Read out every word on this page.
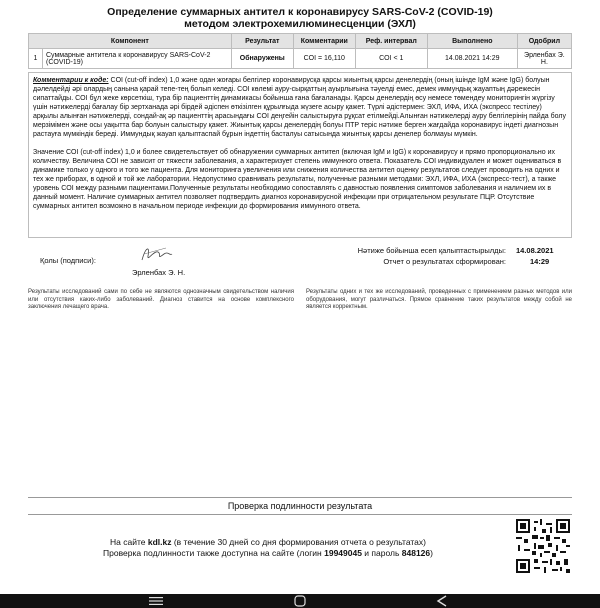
Определение суммарных антител к коронавирусу SARS-CoV-2 (COVID-19)
методом электрохемилюминесценции (ЭХЛ)
Компонент		Результат	Комментарии	Реф. интервал	Выполнено	Одобрил
1	Суммарные антитела к коронавирусу SARS-CoV-2 (COVID-19)	Обнаружены	COI = 16,110	COI < 1	14.08.2021 14:29	Эрленбах Э. Н.

Комментарии к коде: COI (cut-off index) 1,0 және одан жоғары белгілер коронавирусқа қарсы жиынтық қарсы денелердің (оның ішінде IgM және IgG) болуын дәлелдейді әрі олардың санына қарай тепе-тең болып келеді. COI көлемі ауру-сырқаттың ауырлығына тәуелді емес, демек иммундық жауаптың дәрежесін сипаттайды. COI бұл жеке көрсеткіш, тура бір пациенттің динамикасы бойынша ғана бағаланады. Қарсы денелердің өсу немесе төмендеу мониторингін жүргізу үшін нәтижелерді бағалау бір зертханада әрі бірдей әдіспен өткізілген құрылғыда жүзеге асыру қажет. Түрлі әдістермен: ЭХЛ, ИФА, ИХА (экспресс тестілеу) арқылы алынған нәтижелерді, сондай-ақ әр пациенттің арасындағы COI деңгейін салыстыруға рұқсат етілмейді.Алынған нәтижелерді ауру белгілерінің пайда болу мерзімімен және осы уақытта бар болуын салыстыру қажет. Жиынтық қарсы денелердің болуы ПТР теріс нәтиже берген жағдайда коронавирус індеті диагнозын растауға мүмкіндік береді. Иммундық жауап қалыптаспай бұрын індеттің басталуы сатысында жиынтық қарсы денелер болмауы мүмкін.

Значение COI (cut-off index) 1,0 и более свидетельствует об обнаружении суммарных антител (включая IgM и IgG) к коронавирусу и прямо пропорционально их количеству. Величина COI не зависит от тяжести заболевания, а характеризует степень иммунного ответа. Показатель COI индивидуален и может оцениваться в динамике только у одного и того же пациента. Для мониторинга увеличения или снижения количества антител оценку результатов следует проводить на одних и тех же приборах, в одной и той же лаборатории. Недопустимо сравнивать результаты, полученные разными методами: ЭХЛ, ИФА, ИХА (экспресс-тест), а также уровень COI между разными пациентами.Полученные результаты необходимо сопоставлять с давностью появления симптомов заболевания и наличием их в данный момент. Наличие суммарных антител позволяет подтвердить диагноз коронавирусной инфекции при отрицательном результате ПЦР. Отсутствие суммарных антител возможно в начальном периоде инфекции до формирования иммунного ответа.

Қолы (подписи):
Эрленбах Э. Н.
Нәтиже бойынша есеп қалыптастырылды: 14.08.2021
Отчет о результатах сформирован:	14:29
Результаты исследований сами по себе не являются однозначным свидетельством наличия или отсутствия каких-либо заболеваний. Диагноз ставится на основе комплексного заключения лечащего врача.
Результаты одних и тех же исследований, проведенных с применением разных методов или оборудования, могут различаться. Прямое сравнение таких результатов между собой не является корректным.
Проверка подлинности результата
На сайте kdl.kz (в течение 30 дней со дня формирования отчета о результатах)
Проверка подлинности также доступна на сайте (логин 19949045 и пароль 848126)
